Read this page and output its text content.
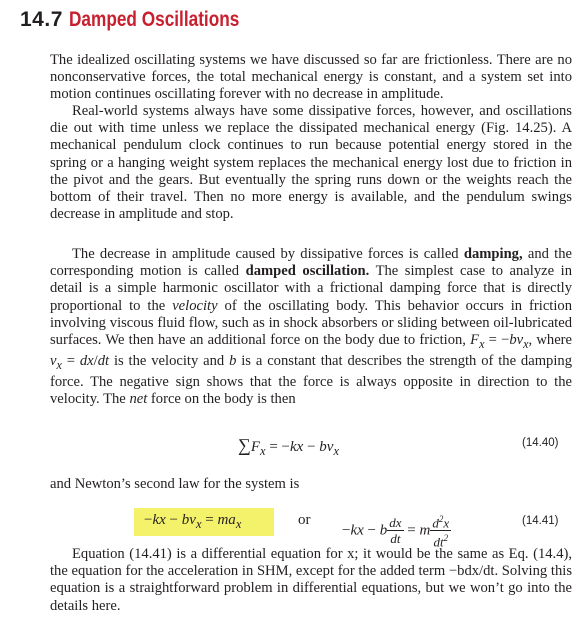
14.7 Damped Oscillations

The idealized oscillating systems we have discussed so far are frictionless. There are no nonconservative forces, the total mechanical energy is constant, and a system set into motion continues oscillating forever with no decrease in amplitude.

Real-world systems always have some dissipative forces, however, and oscillations die out with time unless we replace the dissipated mechanical energy (Fig. 14.25). A mechanical pendulum clock continues to run because potential energy stored in the spring or a hanging weight system replaces the mechanical energy lost due to friction in the pivot and the gears. But eventually the spring runs down or the weights reach the bottom of their travel. Then no more energy is available, and the pendulum swings decrease in amplitude and stop.

The decrease in amplitude caused by dissipative forces is called damping, and the corresponding motion is called damped oscillation. The simplest case to analyze in detail is a simple harmonic oscillator with a frictional damping force that is directly proportional to the velocity of the oscillating body. This behavior occurs in friction involving viscous fluid flow, such as in shock absorbers or sliding between oil-lubricated surfaces. We then have an additional force on the body due to friction, $F_x = -bv_x$, where $v_x = dx/dt$ is the velocity and b is a constant that describes the strength of the damping force. The negative sign shows that the force is always opposite in direction to the velocity. The net force on the body is then

$\sum F_x = -kx - bv_x$
(14.40)

and Newton’s second law for the system is

$-kx - bv_x = ma_x$	or
−kx − b $\frac{dx}{dt} = m \frac{d^2x}{dt^2}$	(14.41)

Equation (14.41) is a differential equation for x; it would be the same as Eq. (14.4), the equation for the acceleration in SHM, except for the added term −bdx/dt. Solving this equation is a straightforward problem in differential equations, but we won’t go into the details here.
